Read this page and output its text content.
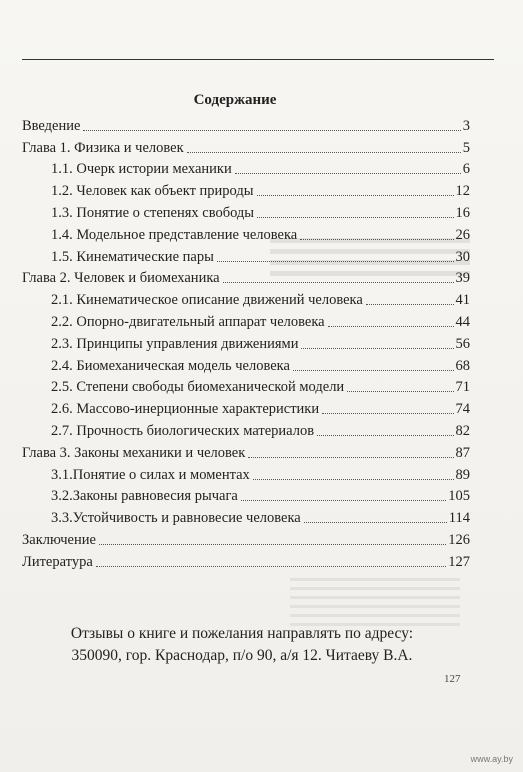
Содержание
Введение	3
Глава 1. Физика и человек	5
1.1. Очерк истории механики	6
1.2. Человек как объект природы	12
1.3. Понятие о степенях свободы	16
1.4. Модельное представление человека	26
1.5. Кинематические пары	30
Глава 2. Человек и биомеханика	39
2.1. Кинематическое описание движений человека	41
2.2. Опорно-двигательный аппарат человека	44
2.3. Принципы управления движениями	56
2.4. Биомеханическая модель человека	68
2.5. Степени свободы биомеханической модели	71
2.6. Массово-инерционные характеристики	74
2.7. Прочность биологических материалов	82
Глава 3. Законы механики и человек	87
3.1.Понятие о силах и моментах	89
3.2.Законы равновесия рычага	105
3.3.Устойчивость и равновесие человека	114
Заключение	126
Литература	127
Отзывы о книге и пожелания направлять по адресу:
350090, гор. Краснодар, п/о 90, а/я 12. Читаеву В.А.
127
www.ay.by
